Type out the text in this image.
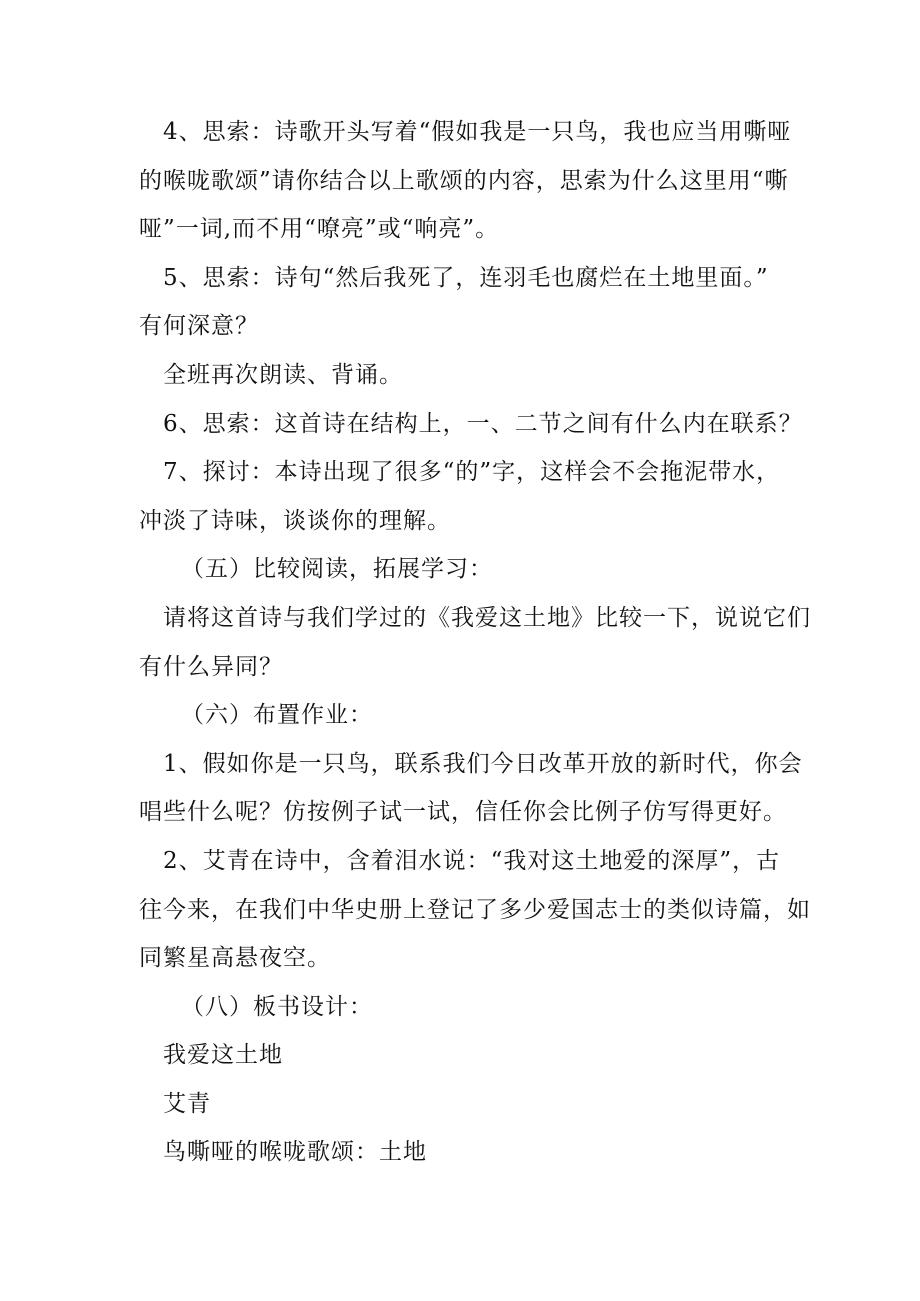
4、思索：诗歌开头写着“假如我是一只鸟，我也应当用嘶哑

的喉咙歌颂”请你结合以上歌颂的内容，思索为什么这里用“嘶
哑”一词,而不用“嘹亮”或“响亮”。

5、思索：诗句“然后我死了，连羽毛也腐烂在土地里面。”

有何深意？

全班再次朗读、背诵。

6、思索：这首诗在结构上，一、二节之间有什么内在联系？

7、探讨：本诗出现了很多“的”字，这样会不会拖泥带水，

冲淡了诗味，谈谈你的理解。

（五）比较阅读，拓展学习：

请将这首诗与我们学过的《我爱这土地》比较一下，说说它们

有什么异同？

（六）布置作业：

1、假如你是一只鸟，联系我们今日改革开放的新时代，你会

唱些什么呢？仿按例子试一试，信任你会比例子仿写得更好。

2、艾青在诗中，含着泪水说：“我对这土地爱的深厚”，古

往今来，在我们中华史册上登记了多少爱国志士的类似诗篇，如
同繁星高悬夜空。

（八）板书设计：

我爱这土地

艾青

鸟嘶哑的喉咙歌颂：土地
